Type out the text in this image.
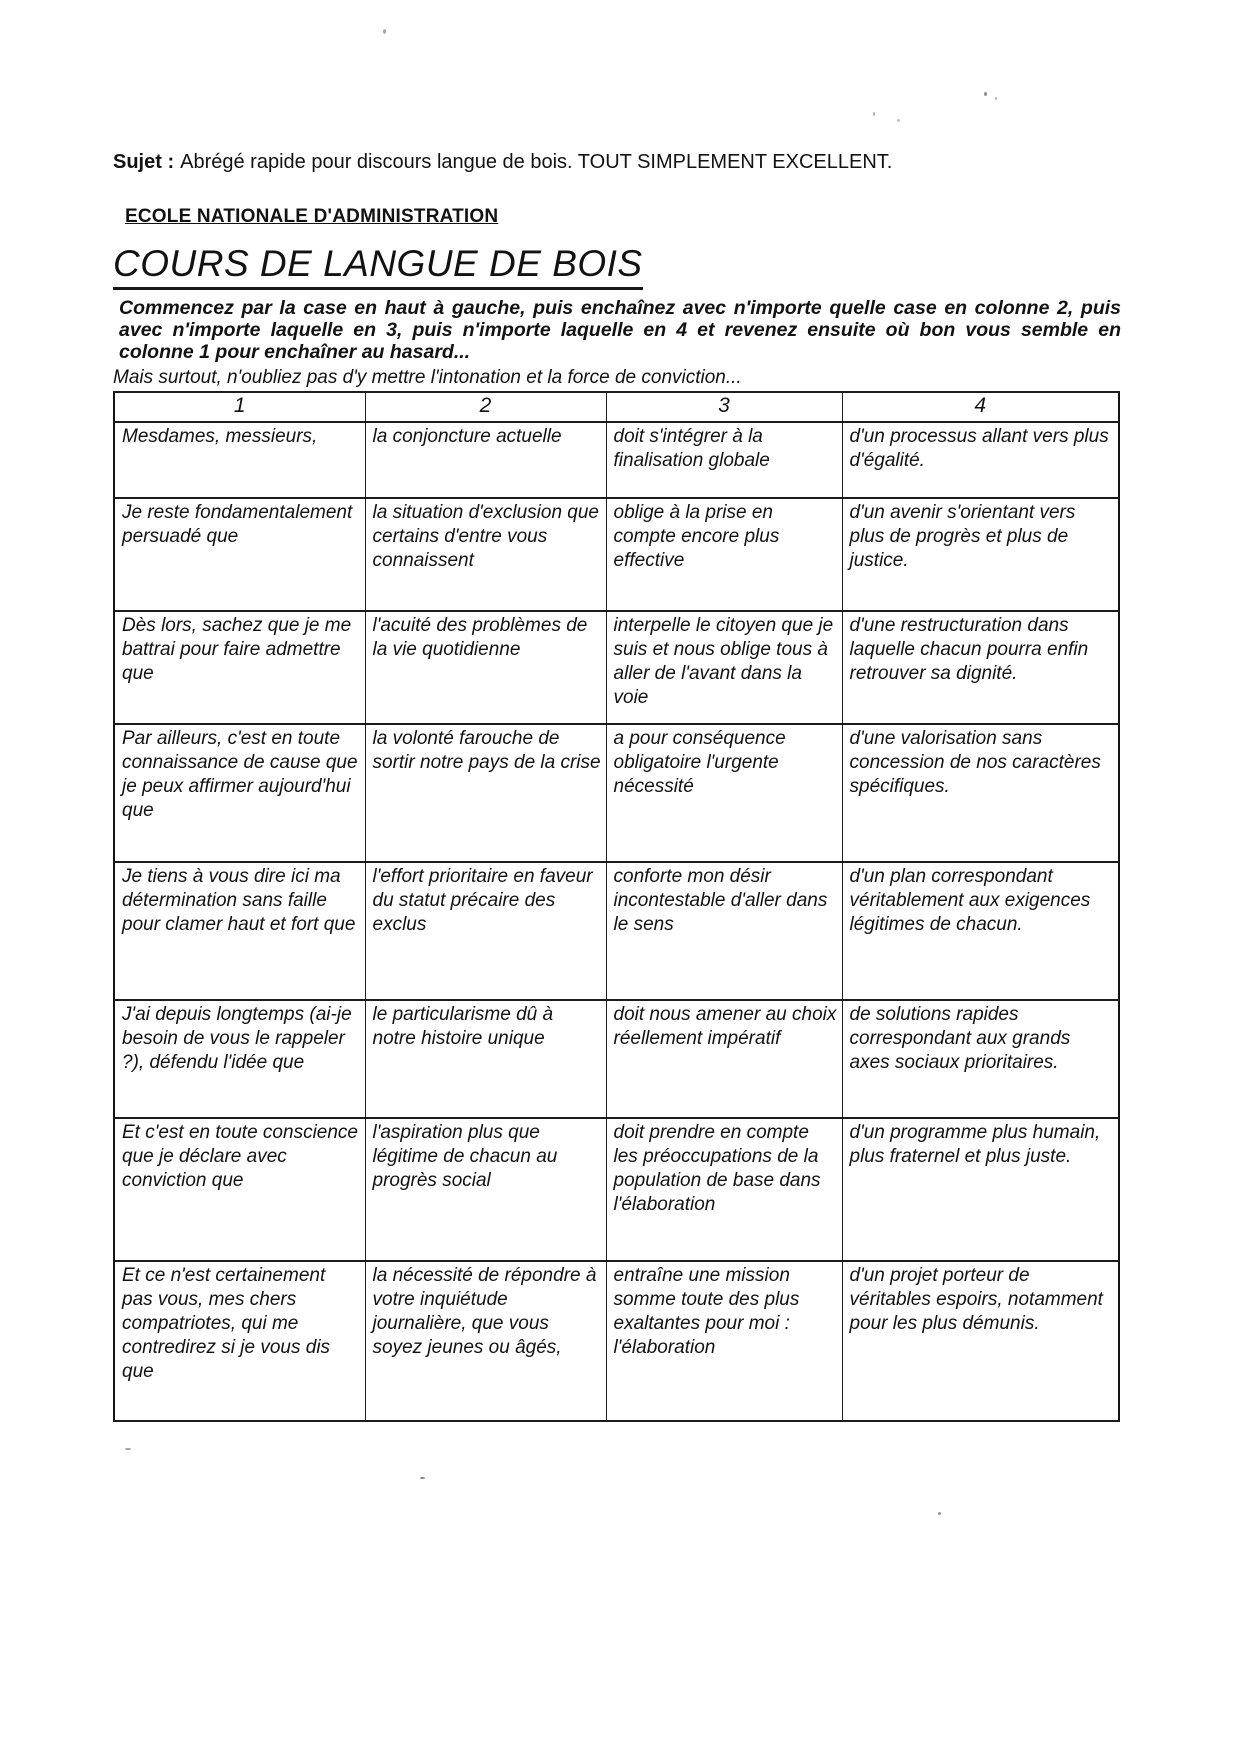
Sujet : Abrégé rapide pour discours langue de bois. TOUT SIMPLEMENT EXCELLENT.
ECOLE NATIONALE D'ADMINISTRATION
COURS DE LANGUE DE BOIS
Commencez par la case en haut à gauche, puis enchaînez avec n'importe quelle case en colonne 2, puis avec n'importe laquelle en 3, puis n'importe laquelle en 4 et revenez ensuite où bon vous semble en colonne 1 pour enchaîner au hasard...
Mais surtout, n'oubliez pas d'y mettre l'intonation et la force de conviction...
1	2	3	4
Mesdames, messieurs,	la conjoncture actuelle	doit s'intégrer à la finalisation globale	d'un processus allant vers plus d'égalité.
Je reste fondamentalement persuadé que	la situation d'exclusion que certains d'entre vous connaissent	oblige à la prise en compte encore plus effective	d'un avenir s'orientant vers plus de progrès et plus de justice.
Dès lors, sachez que je me battrai pour faire admettre que	l'acuité des problèmes de la vie quotidienne	interpelle le citoyen que je suis et nous oblige tous à aller de l'avant dans la voie	d'une restructuration dans laquelle chacun pourra enfin retrouver sa dignité.
Par ailleurs, c'est en toute connaissance de cause que je peux affirmer aujourd'hui que	la volonté farouche de sortir notre pays de la crise	a pour conséquence obligatoire l'urgente nécessité	d'une valorisation sans concession de nos caractères spécifiques.
Je tiens à vous dire ici ma détermination sans faille pour clamer haut et fort que	l'effort prioritaire en faveur du statut précaire des exclus	conforte mon désir incontestable d'aller dans le sens	d'un plan correspondant véritablement aux exigences légitimes de chacun.
J'ai depuis longtemps (ai-je besoin de vous le rappeler ?), défendu l'idée que	le particularisme dû à notre histoire unique	doit nous amener au choix réellement impératif	de solutions rapides correspondant aux grands axes sociaux prioritaires.
Et c'est en toute conscience que je déclare avec conviction que	l'aspiration plus que légitime de chacun au progrès social	doit prendre en compte les préoccupations de la population de base dans l'élaboration	d'un programme plus humain, plus fraternel et plus juste.
Et ce n'est certainement pas vous, mes chers compatriotes, qui me contredirez si je vous dis que	la nécessité de répondre à votre inquiétude journalière, que vous soyez jeunes ou âgés,	entraîne une mission somme toute des plus exaltantes pour moi : l'élaboration	d'un projet porteur de véritables espoirs, notamment pour les plus démunis.
